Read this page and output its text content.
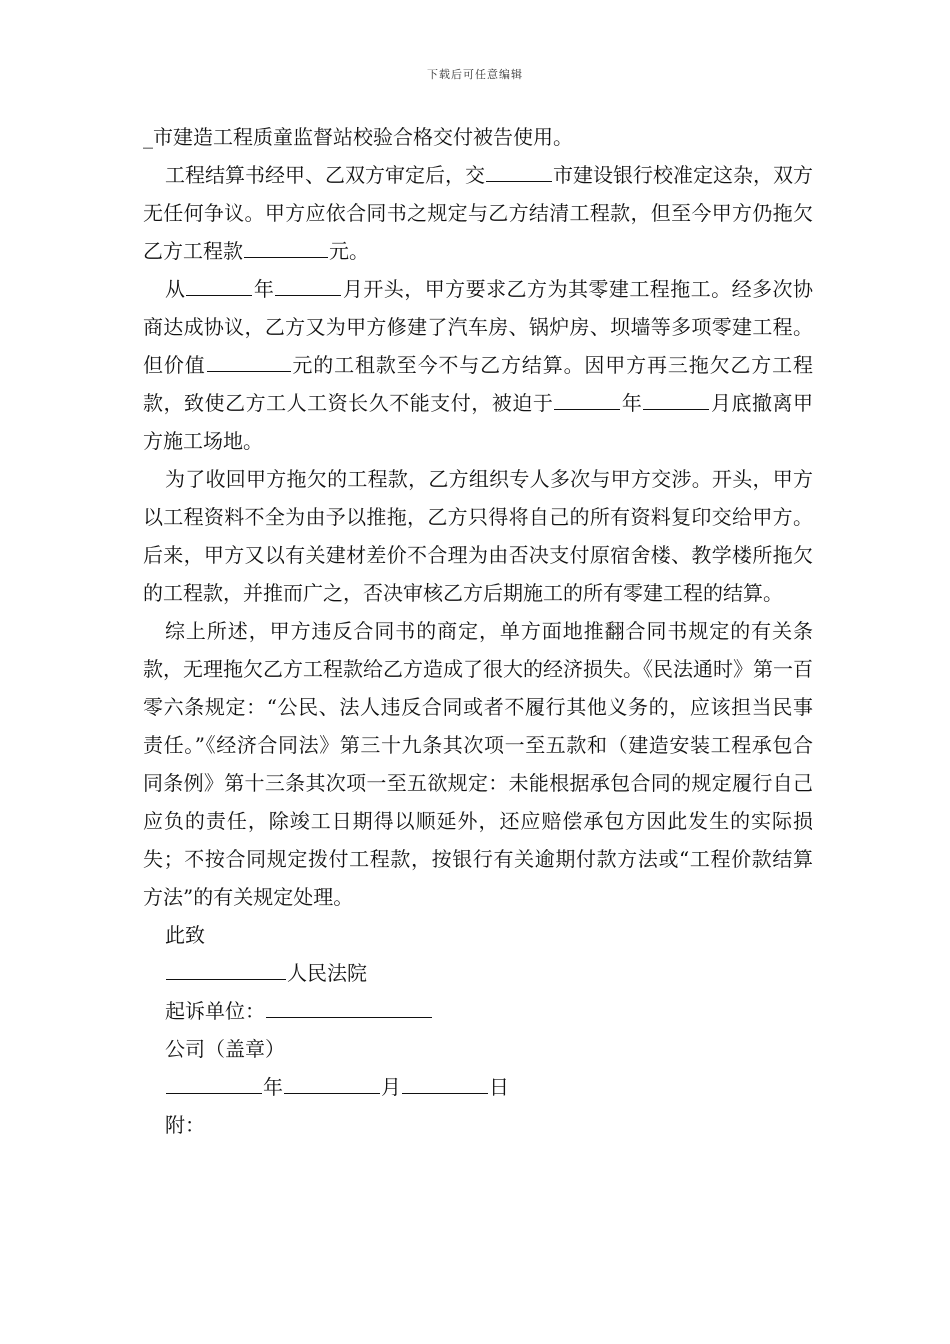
下载后可任意编辑

_市建造工程质童监督站校验合格交付被告使用。

工程结算书经甲、乙双方审定后，交	市建设银行校准定这杂，双方无任何争议。甲方应依合同书之规定与乙方结清工程款，但至今甲方仍拖欠乙方工程款	元。

从	年	月开头，甲方要求乙方为其零建工程拖工。经多次协商达成协议，乙方又为甲方修建了汽车房、锅炉房、坝墙等多项零建工程。但价值	元的工租款至今不与乙方结算。因甲方再三拖欠乙方工程款，致使乙方工人工资长久不能支付，被迫于	年	月底撤离甲方施工场地。

为了收回甲方拖欠的工程款，乙方组织专人多次与甲方交涉。开头，甲方以工程资料不全为由予以推拖，乙方只得将自己的所有资料复印交给甲方。后来，甲方又以有关建材差价不合理为由否决支付原宿舍楼、教学楼所拖欠的工程款，并推而广之，否决审核乙方后期施工的所有零建工程的结算。

综上所述，甲方违反合同书的商定，单方面地推翻合同书规定的有关条款，无理拖欠乙方工程款给乙方造成了很大的经济损失。《民法通时》第一百零六条规定：“公民、法人违反合同或者不履行其他义务的，应该担当民事责任。”《经济合同法》第三十九条其次项一至五款和（建造安装工程承包合同条例》第十三条其次项一至五欲规定：未能根据承包合同的规定履行自己应负的责任，除竣工日期得以顺延外，还应赔偿承包方因此发生的实际损失；不按合同规定拨付工程款，按银行有关逾期付款方法或“工程价款结算方法”的有关规定处理。

此致

人民法院

起诉单位：

公司（盖章）

年	月	日

附：
